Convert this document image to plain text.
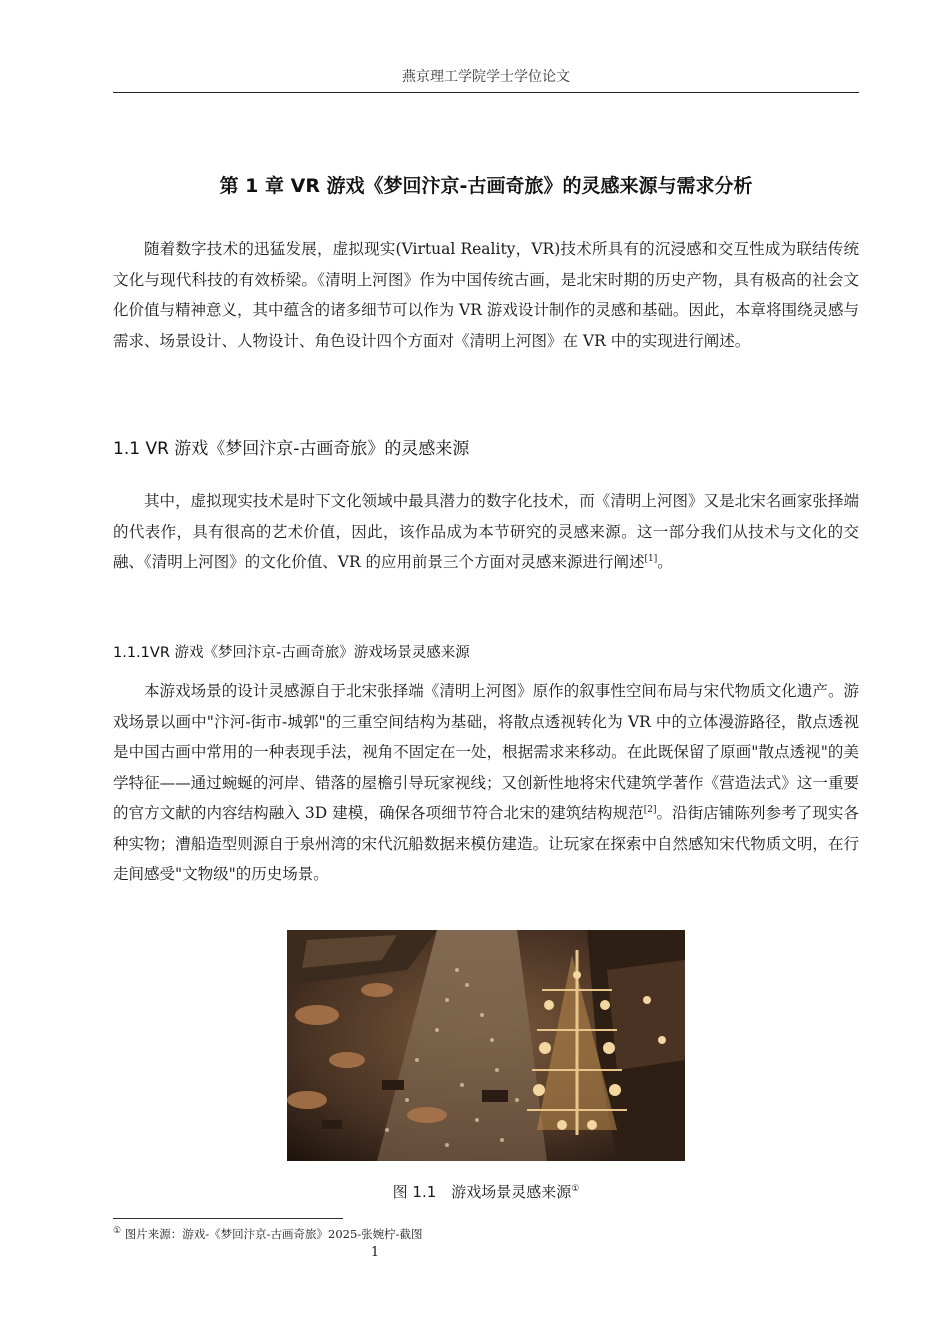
燕京理工学院学士学位论文
第 1 章 VR 游戏《梦回汴京-古画奇旅》的灵感来源与需求分析

随着数字技术的迅猛发展，虚拟现实(Virtual Reality，VR)技术所具有的沉浸感和交互性成为联结传统文化与现代科技的有效桥梁。《清明上河图》作为中国传统古画，是北宋时期的历史产物，具有极高的社会文化价值与精神意义，其中蕴含的诸多细节可以作为 VR 游戏设计制作的灵感和基础。因此，本章将围绕灵感与需求、场景设计、人物设计、角色设计四个方面对《清明上河图》在 VR 中的实现进行阐述。

1.1 VR 游戏《梦回汴京-古画奇旅》的灵感来源

其中，虚拟现实技术是时下文化领域中最具潜力的数字化技术，而《清明上河图》又是北宋名画家张择端的代表作，具有很高的艺术价值，因此，该作品成为本节研究的灵感来源。这一部分我们从技术与文化的交融、《清明上河图》的文化价值、VR 的应用前景三个方面对灵感来源进行阐述[1]。

1.1.1VR 游戏《梦回汴京-古画奇旅》游戏场景灵感来源

本游戏场景的设计灵感源自于北宋张择端《清明上河图》原作的叙事性空间布局与宋代物质文化遗产。游戏场景以画中"汴河-街市-城郭"的三重空间结构为基础，将散点透视转化为 VR 中的立体漫游路径，散点透视是中国古画中常用的一种表现手法，视角不固定在一处，根据需求来移动。在此既保留了原画"散点透视"的美学特征——通过蜿蜒的河岸、错落的屋檐引导玩家视线；又创新性地将宋代建筑学著作《营造法式》这一重要的官方文献的内容结构融入 3D 建模，确保各项细节符合北宋的建筑结构规范[2]。沿街店铺陈列参考了现实各种实物；漕船造型则源自于泉州湾的宋代沉船数据来模仿建造。让玩家在探索中自然感知宋代物质文明，在行走间感受"文物级"的历史场景。

图 1.1　游戏场景灵感来源①
① 图片来源：游戏-《梦回汴京-古画奇旅》2025-张婉柠-截图
1
